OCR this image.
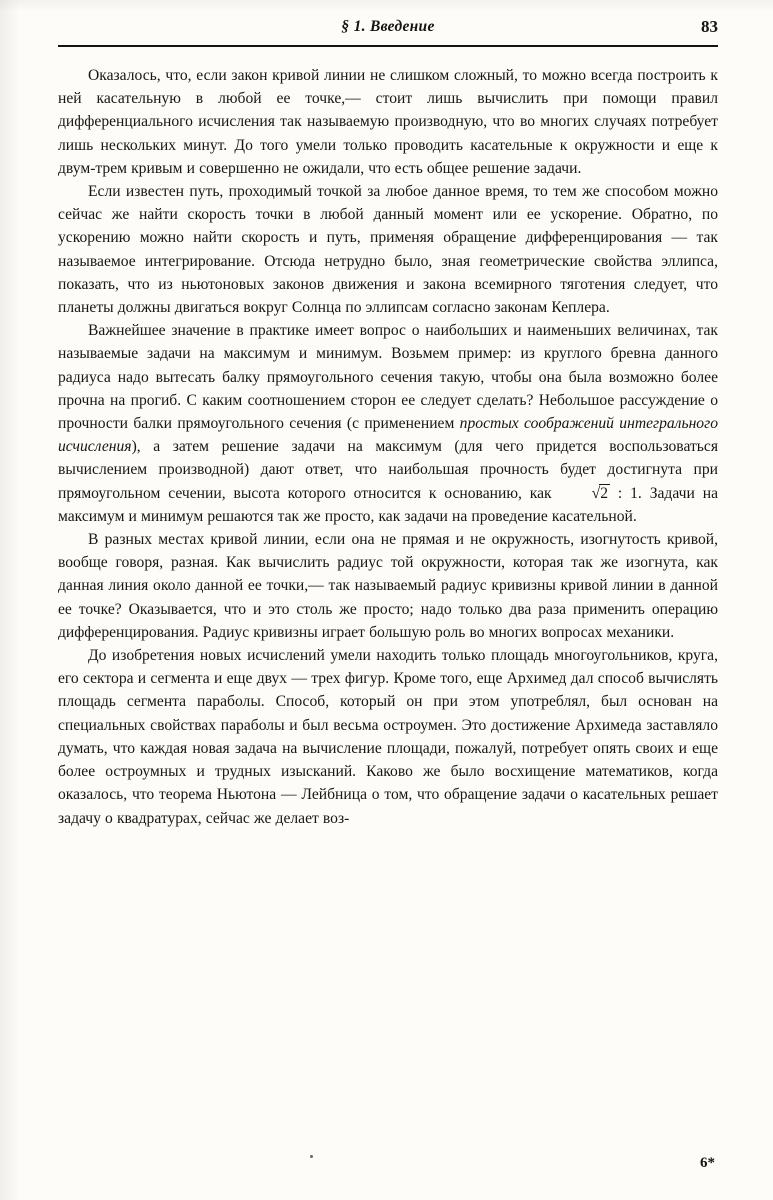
§ 1. Введение	83

Оказалось, что, если закон кривой линии не слишком сложный, то можно всегда построить к ней касательную в любой ее точке,— стоит лишь вычислить при помощи правил дифференциального исчисления так называемую производную, что во многих случаях потребует лишь нескольких минут. До того умели только проводить касательные к окружности и еще к двум-трем кривым и совершенно не ожидали, что есть общее решение задачи.

Если известен путь, проходимый точкой за любое данное время, то тем же способом можно сейчас же найти скорость точки в любой данный момент или ее ускорение. Обратно, по ускорению можно найти скорость и путь, применяя обращение дифференцирования — так называемое интегрирование. Отсюда нетрудно было, зная геометрические свойства эллипса, показать, что из ньютоновых законов движения и закона всемирного тяготения следует, что планеты должны двигаться вокруг Солнца по эллипсам согласно законам Кеплера.

Важнейшее значение в практике имеет вопрос о наибольших и наименьших величинах, так называемые задачи на максимум и минимум. Возьмем пример: из круглого бревна данного радиуса надо вытесать балку прямоугольного сечения такую, чтобы она была возможно более прочна на прогиб. С каким соотношением сторон ее следует сделать? Небольшое рассуждение о прочности балки прямоугольного сечения (с применением простых соображений интегрального исчисления), а затем решение задачи на максимум (для чего придется воспользоваться вычислением производной) дают ответ, что наибольшая прочность будет достигнута при прямоугольном сечении, высота которого относится к основанию, как √2 : 1. Задачи на максимум и минимум решаются так же просто, как задачи на проведение касательной.

В разных местах кривой линии, если она не прямая и не окружность, изогнутость кривой, вообще говоря, разная. Как вычислить радиус той окружности, которая так же изогнута, как данная линия около данной ее точки,— так называемый радиус кривизны кривой линии в данной ее точке? Оказывается, что и это столь же просто; надо только два раза применить операцию дифференцирования. Радиус кривизны играет большую роль во многих вопросах механики.

До изобретения новых исчислений умели находить только площадь многоугольников, круга, его сектора и сегмента и еще двух — трех фигур. Кроме того, еще Архимед дал способ вычислять площадь сегмента параболы. Способ, который он при этом употреблял, был основан на специальных свойствах параболы и был весьма остроумен. Это достижение Архимеда заставляло думать, что каждая новая задача на вычисление площади, пожалуй, потребует опять своих и еще более остроумных и трудных изысканий. Каково же было восхищение математиков, когда оказалось, что теорема Ньютона — Лейбница о том, что обращение задачи о касательных решает задачу о квадратурах, сейчас же делает воз-

6*
